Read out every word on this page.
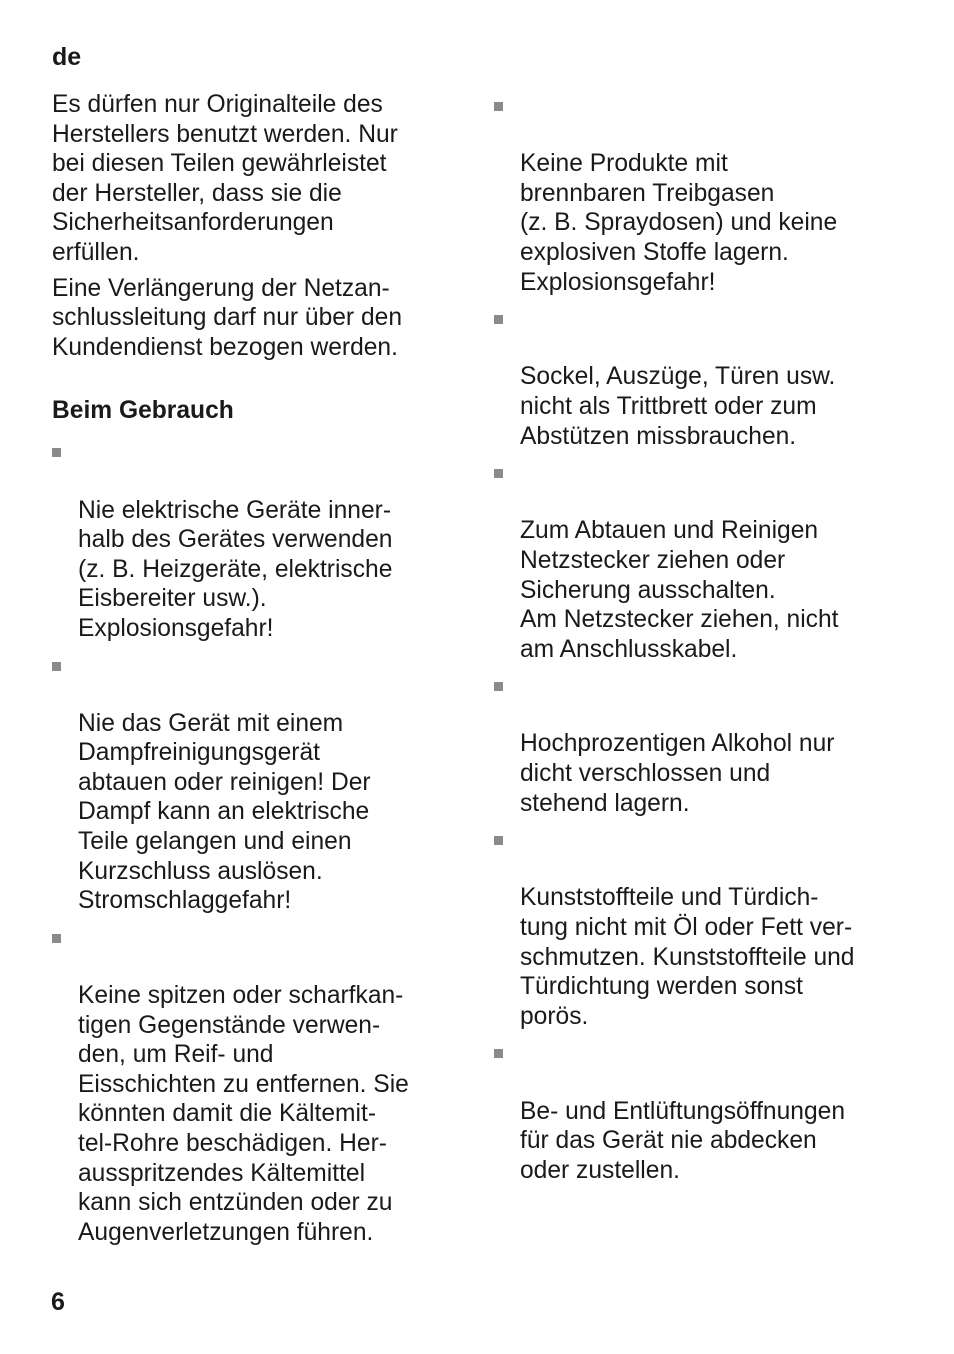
de

Es dürfen nur Originalteile des
Herstellers benutzt werden. Nur
bei diesen Teilen gewährleistet
der Hersteller, dass sie die
Sicherheitsanforderungen
erfüllen.

Eine Verlängerung der Netzan-
schlussleitung darf nur über den
Kundendienst bezogen werden.

Beim Gebrauch

Nie elektrische Geräte inner-
halb des Gerätes verwenden
(z. B. Heizgeräte, elektrische
Eisbereiter usw.).
Explosionsgefahr!

Nie das Gerät mit einem
Dampfreinigungsgerät
abtauen oder reinigen! Der
Dampf kann an elektrische
Teile gelangen und einen
Kurzschluss auslösen.
Stromschlaggefahr!

Keine spitzen oder scharfkan-
tigen Gegenstände verwen-
den, um Reif- und
Eisschichten zu entfernen. Sie
könnten damit die Kältemit-
tel-Rohre beschädigen. Her-
ausspritzendes Kältemittel
kann sich entzünden oder zu
Augenverletzungen führen.

Keine Produkte mit
brennbaren Treibgasen
(z. B. Spraydosen) und keine
explosiven Stoffe lagern.
Explosionsgefahr!

Sockel, Auszüge, Türen usw.
nicht als Trittbrett oder zum
Abstützen missbrauchen.

Zum Abtauen und Reinigen
Netzstecker ziehen oder
Sicherung ausschalten.
Am Netzstecker ziehen, nicht
am Anschlusskabel.

Hochprozentigen Alkohol nur
dicht verschlossen und
stehend lagern.

Kunststoffteile und Türdich-
tung nicht mit Öl oder Fett ver-
schmutzen. Kunststoffteile und
Türdichtung werden sonst
porös.

Be- und Entlüftungsöffnungen
für das Gerät nie abdecken
oder zustellen.

6
